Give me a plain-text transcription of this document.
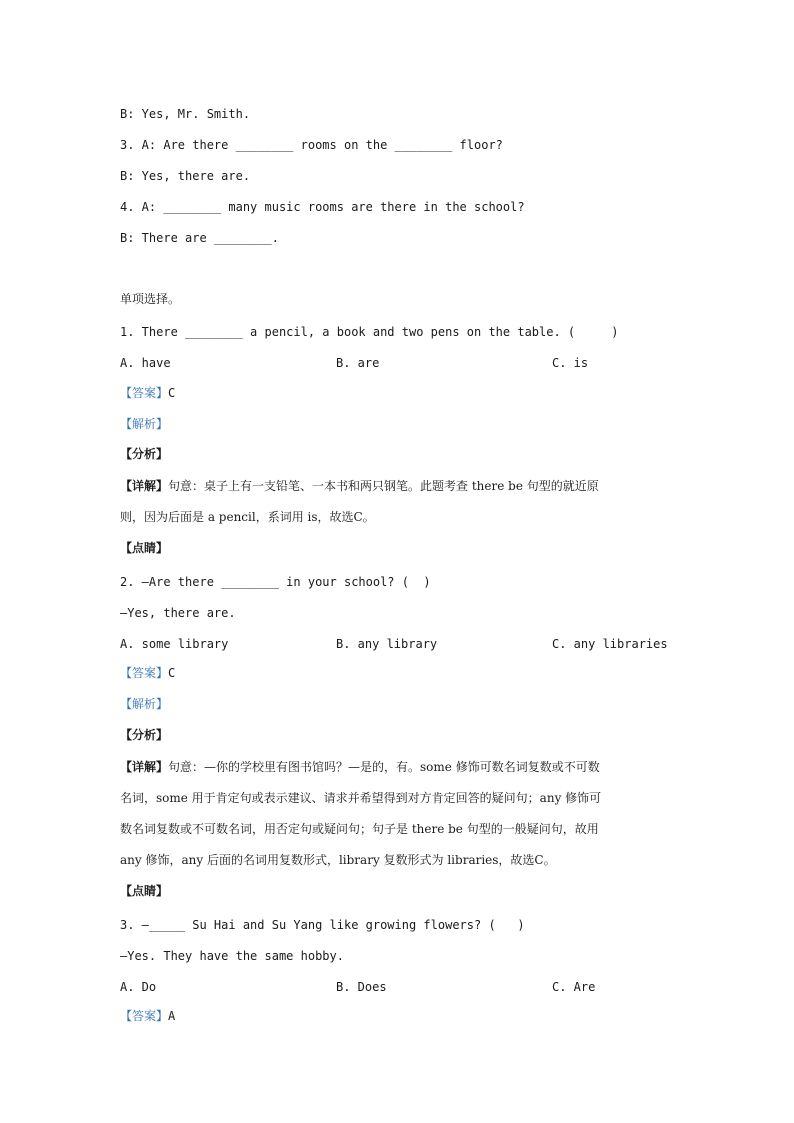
B: Yes, Mr. Smith.
3. A: Are there ________ rooms on the ________ floor?
B: Yes, there are.
4. A: ________ many music rooms are there in the school?
B: There are ________.
单项选择。
1. There ________ a pencil, a book and two pens on the table. (     )
A. have	B. are	C. is
【答案】C
【解析】
【分析】
【详解】句意：桌子上有一支铅笔、一本书和两只钢笔。此题考查 there be 句型的就近原
则，因为后面是 a pencil，系词用 is，故选C。
【点睛】
2. —Are there ________ in your school? (  )
—Yes, there are.
A. some library	B. any library	C. any libraries
【答案】C
【解析】
【分析】
【详解】句意：—你的学校里有图书馆吗？—是的，有。some 修饰可数名词复数或不可数
名词，some 用于肯定句或表示建议、请求并希望得到对方肯定回答的疑问句；any 修饰可
数名词复数或不可数名词，用否定句或疑问句；句子是 there be 句型的一般疑问句，故用
any 修饰，any 后面的名词用复数形式，library 复数形式为 libraries，故选C。
【点睛】
3. —_____ Su Hai and Su Yang like growing flowers? (   )
—Yes. They have the same hobby.
A. Do	B. Does	C. Are
【答案】A
